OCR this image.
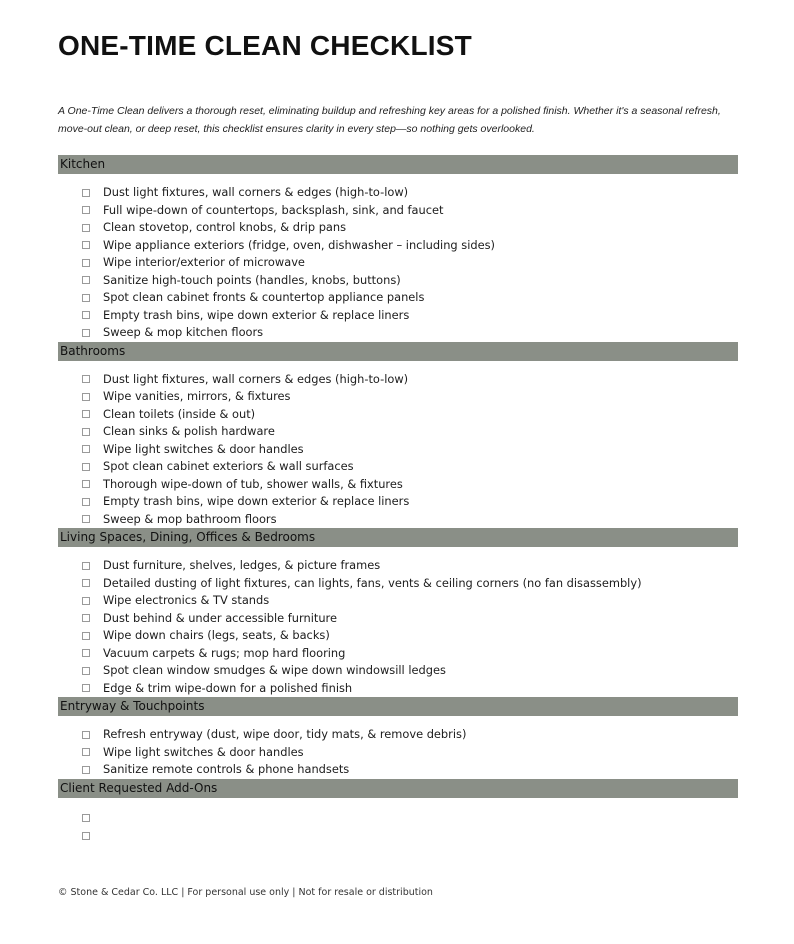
ONE-TIME CLEAN CHECKLIST

A One-Time Clean delivers a thorough reset, eliminating buildup and refreshing key areas for a polished finish. Whether it's a seasonal refresh, move-out clean, or deep reset, this checklist ensures clarity in every step—so nothing gets overlooked.

Kitchen
Dust light fixtures, wall corners & edges (high-to-low)
Full wipe-down of countertops, backsplash, sink, and faucet
Clean stovetop, control knobs, & drip pans
Wipe appliance exteriors (fridge, oven, dishwasher – including sides)
Wipe interior/exterior of microwave
Sanitize high-touch points (handles, knobs, buttons)
Spot clean cabinet fronts & countertop appliance panels
Empty trash bins, wipe down exterior & replace liners
Sweep & mop kitchen floors
Bathrooms
Dust light fixtures, wall corners & edges (high-to-low)
Wipe vanities, mirrors, & fixtures
Clean toilets (inside & out)
Clean sinks & polish hardware
Wipe light switches & door handles
Spot clean cabinet exteriors & wall surfaces
Thorough wipe-down of tub, shower walls, & fixtures
Empty trash bins, wipe down exterior & replace liners
Sweep & mop bathroom floors
Living Spaces, Dining, Offices & Bedrooms
Dust furniture, shelves, ledges, & picture frames
Detailed dusting of light fixtures, can lights, fans, vents & ceiling corners (no fan disassembly)
Wipe electronics & TV stands
Dust behind & under accessible furniture
Wipe down chairs (legs, seats, & backs)
Vacuum carpets & rugs; mop hard flooring
Spot clean window smudges & wipe down windowsill ledges
Edge & trim wipe-down for a polished finish
Entryway & Touchpoints
Refresh entryway (dust, wipe door, tidy mats, & remove debris)
Wipe light switches & door handles
Sanitize remote controls & phone handsets
Client Requested Add-Ons
© Stone & Cedar Co. LLC | For personal use only | Not for resale or distribution
